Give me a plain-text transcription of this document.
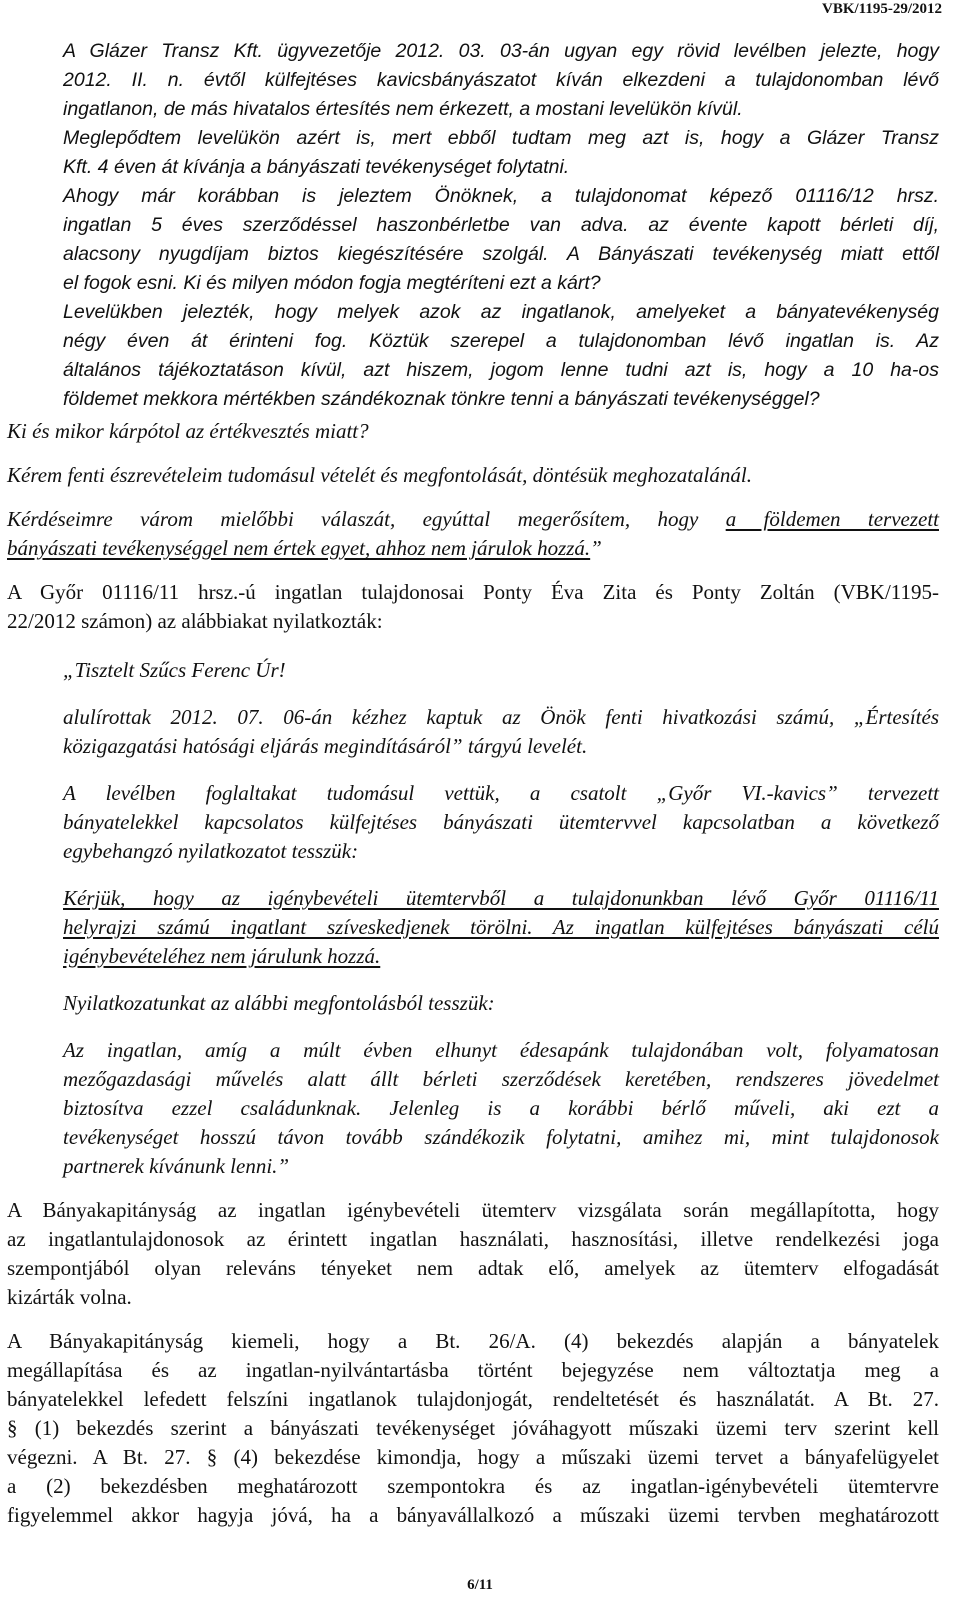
VBK/1195-29/2012

A Glázer Transz Kft. ügyvezetője 2012. 03. 03-án ugyan egy rövid levélben jelezte, hogy
2012. II. n. évtől külfejtéses kavicsbányászatot kíván elkezdeni a tulajdonomban lévő
ingatlanon, de más hivatalos értesítés nem érkezett, a mostani levelükön kívül.

Meglepődtem levelükön azért is, mert ebből tudtam meg azt is, hogy a Glázer Transz
Kft. 4 éven át kívánja a bányászati tevékenységet folytatni.
Ahogy már korábban is jeleztem Önöknek, a tulajdonomat képező 01116/12 hrsz.
ingatlan 5 éves szerződéssel haszonbérletbe van adva. az évente kapott bérleti díj,
alacsony nyugdíjam biztos kiegészítésére szolgál. A Bányászati tevékenység miatt ettől
el fogok esni. Ki és milyen módon fogja megtéríteni ezt a kárt?
Levelükben jelezték, hogy melyek azok az ingatlanok, amelyeket a bányatevékenység
négy éven át érinteni fog. Köztük szerepel a tulajdonomban lévő ingatlan is. Az
általános tájékoztatáson kívül, azt hiszem, jogom lenne tudni azt is, hogy a 10 ha-os
földemet mekkora mértékben szándékoznak tönkre tenni a bányászati tevékenységgel?

Ki és mikor kárpótol az értékvesztés miatt?

Kérem fenti észrevételeim tudomásul vételét és megfontolását, döntésük meghozatalánál.

Kérdéseimre várom mielőbbi válaszát, egyúttal megerősítem, hogy a földemen tervezett
bányászati tevékenységgel nem értek egyet, ahhoz nem járulok hozzá.”

A Győr 01116/11 hrsz.-ú ingatlan tulajdonosai Ponty Éva Zita és Ponty Zoltán (VBK/1195-
22/2012 számon) az alábbiakat nyilatkozták:

„Tisztelt Szűcs Ferenc Úr!

alulírottak 2012. 07. 06-án kézhez kaptuk az Önök fenti hivatkozási számú, „Értesítés
közigazgatási hatósági eljárás megindításáról” tárgyú levelét.

A levélben foglaltakat tudomásul vettük, a csatolt „Győr VI.-kavics” tervezett
bányatelekkel kapcsolatos külfejtéses bányászati ütemtervvel kapcsolatban a következő
egybehangzó nyilatkozatot tesszük:

Kérjük, hogy az igénybevételi ütemtervből a tulajdonunkban lévő Győr 01116/11
helyrajzi számú ingatlant szíveskedjenek törölni. Az ingatlan külfejtéses bányászati célú
igénybevételéhez nem járulunk hozzá.

Nyilatkozatunkat az alábbi megfontolásból tesszük:

Az ingatlan, amíg a múlt évben elhunyt édesapánk tulajdonában volt, folyamatosan
mezőgazdasági művelés alatt állt bérleti szerződések keretében, rendszeres jövedelmet
biztosítva ezzel családunknak. Jelenleg is a korábbi bérlő műveli, aki ezt a
tevékenységet hosszú távon tovább szándékozik folytatni, amihez mi, mint tulajdonosok
partnerek kívánunk lenni.”

A Bányakapitányság az ingatlan igénybevételi ütemterv vizsgálata során megállapította, hogy
az ingatlantulajdonosok az érintett ingatlan használati, hasznosítási, illetve rendelkezési joga
szempontjából olyan releváns tényeket nem adtak elő, amelyek az ütemterv elfogadását
kizárták volna.

A Bányakapitányság kiemeli, hogy a Bt. 26/A. (4) bekezdés alapján a bányatelek
megállapítása és az ingatlan-nyilvántartásba történt bejegyzése nem változtatja meg a
bányatelekkel lefedett felszíni ingatlanok tulajdonjogát, rendeltetését és használatát. A Bt. 27.
§ (1) bekezdés szerint a bányászati tevékenységet jóváhagyott műszaki üzemi terv szerint kell
végezni. A Bt. 27. § (4) bekezdése kimondja, hogy a műszaki üzemi tervet a bányafelügyelet
a (2) bekezdésben meghatározott szempontokra és az ingatlan-igénybevételi ütemtervre
figyelemmel akkor hagyja jóvá, ha a bányavállalkozó a műszaki üzemi tervben meghatározott

6/11
